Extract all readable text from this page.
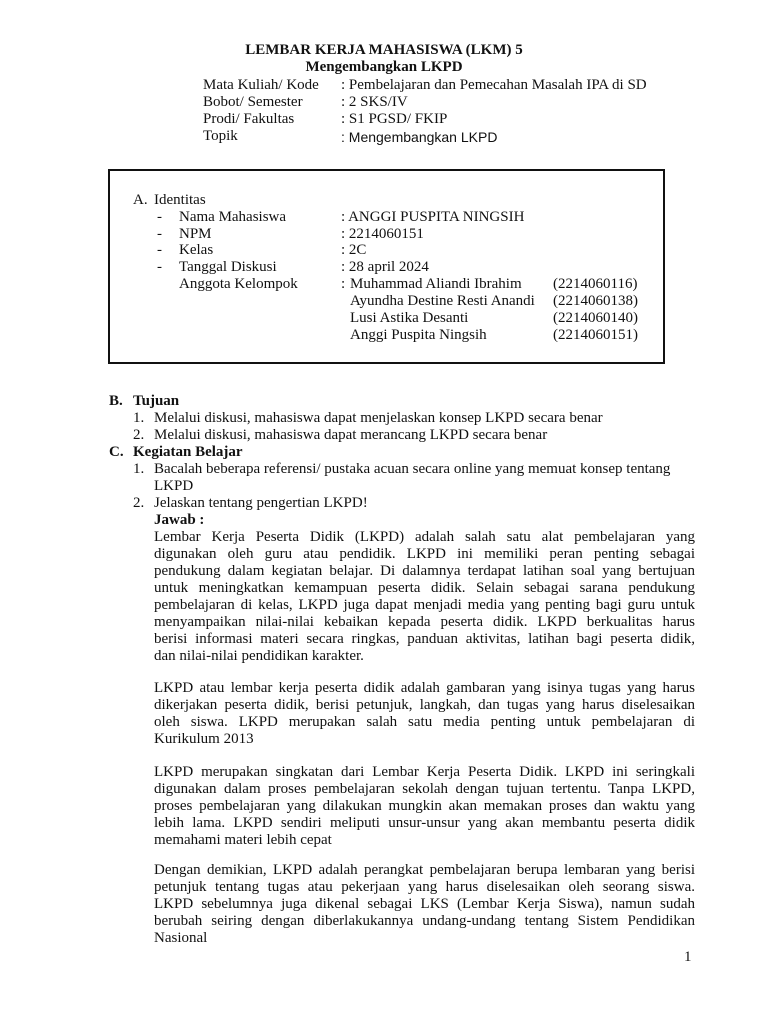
LEMBAR KERJA MAHASISWA (LKM) 5
Mengembangkan LKPD
Mata Kuliah/ Kode : Pembelajaran dan Pemecahan Masalah IPA di SD
Bobot/ Semester	: 2 SKS/IV
Prodi/ Fakultas	: S1 PGSD/ FKIP
Topik	: Mengembangkan LKPD
A. Identitas
- Nama Mahasiswa	: ANGGI PUSPITA NINGSIH
- NPM	: 2214060151
- Kelas	: 2C
- Tanggal Diskusi	: 28 april 2024
Anggota Kelompok	: Muhammad Aliandi Ibrahim (2214060116)
Ayundha Destine Resti Anandi (2214060138)
Lusi Astika Desanti	(2214060140)
Anggi Puspita Ningsih	(2214060151)
B. Tujuan
1. Melalui diskusi, mahasiswa dapat menjelaskan konsep LKPD secara benar
2. Melalui diskusi, mahasiswa dapat merancang LKPD secara benar
C. Kegiatan Belajar
1. Bacalah beberapa referensi/ pustaka acuan secara online yang memuat konsep tentang
LKPD
2. Jelaskan tentang pengertian LKPD!
Jawab :
Lembar Kerja Peserta Didik (LKPD) adalah salah satu alat pembelajaran yang
digunakan oleh guru atau pendidik. LKPD ini memiliki peran penting sebagai
pendukung dalam kegiatan belajar. Di dalamnya terdapat latihan soal yang bertujuan
untuk meningkatkan kemampuan peserta didik. Selain sebagai sarana pendukung
pembelajaran di kelas, LKPD juga dapat menjadi media yang penting bagi guru untuk
menyampaikan nilai-nilai kebaikan kepada peserta didik. LKPD berkualitas harus
berisi informasi materi secara ringkas, panduan aktivitas, latihan bagi peserta didik,
dan nilai-nilai pendidikan karakter.
LKPD atau lembar kerja peserta didik adalah gambaran yang isinya tugas yang harus
dikerjakan peserta didik, berisi petunjuk, langkah, dan tugas yang harus diselesaikan
oleh siswa. LKPD merupakan salah satu media penting untuk pembelajaran di
Kurikulum 2013
LKPD merupakan singkatan dari Lembar Kerja Peserta Didik. LKPD ini seringkali
digunakan dalam proses pembelajaran sekolah dengan tujuan tertentu. Tanpa LKPD,
proses pembelajaran yang dilakukan mungkin akan memakan proses dan waktu yang
lebih lama. LKPD sendiri meliputi unsur-unsur yang akan membantu peserta didik
memahami materi lebih cepat
Dengan demikian, LKPD adalah perangkat pembelajaran berupa lembaran yang berisi
petunjuk tentang tugas atau pekerjaan yang harus diselesaikan oleh seorang siswa.
LKPD sebelumnya juga dikenal sebagai LKS (Lembar Kerja Siswa), namun sudah
berubah seiring dengan diberlakukannya undang-undang tentang Sistem Pendidikan
Nasional
1
